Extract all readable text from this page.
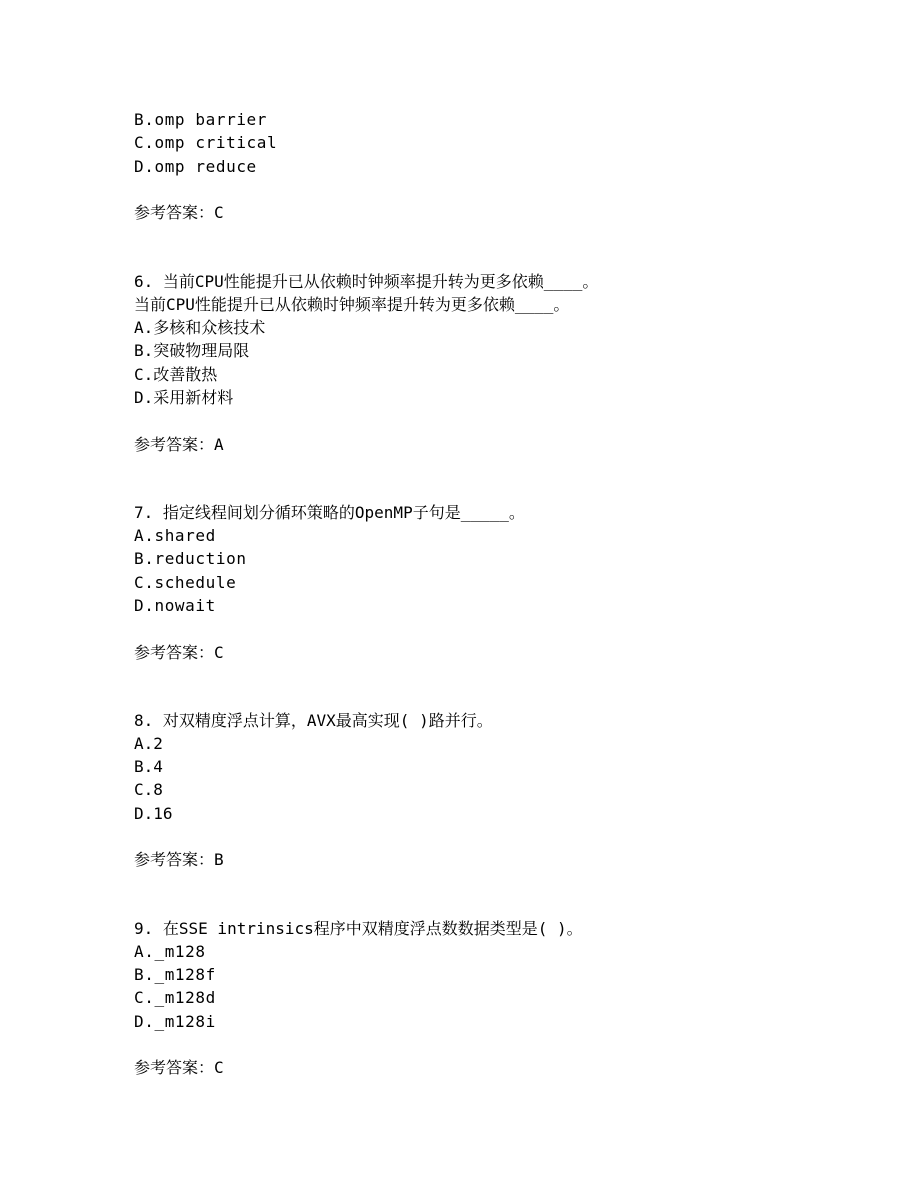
B.omp barrier
C.omp critical
D.omp reduce
参考答案：C
6. 当前CPU性能提升已从依赖时钟频率提升转为更多依赖____。
当前CPU性能提升已从依赖时钟频率提升转为更多依赖____。
A.多核和众核技术
B.突破物理局限
C.改善散热
D.采用新材料
参考答案：A
7. 指定线程间划分循环策略的OpenMP子句是_____。
A.shared
B.reduction
C.schedule
D.nowait
参考答案：C
8. 对双精度浮点计算，AVX最高实现( )路并行。
A.2
B.4
C.8
D.16
参考答案：B
9. 在SSE intrinsics程序中双精度浮点数数据类型是( )。
A._m128
B._m128f
C._m128d
D._m128i
参考答案：C
